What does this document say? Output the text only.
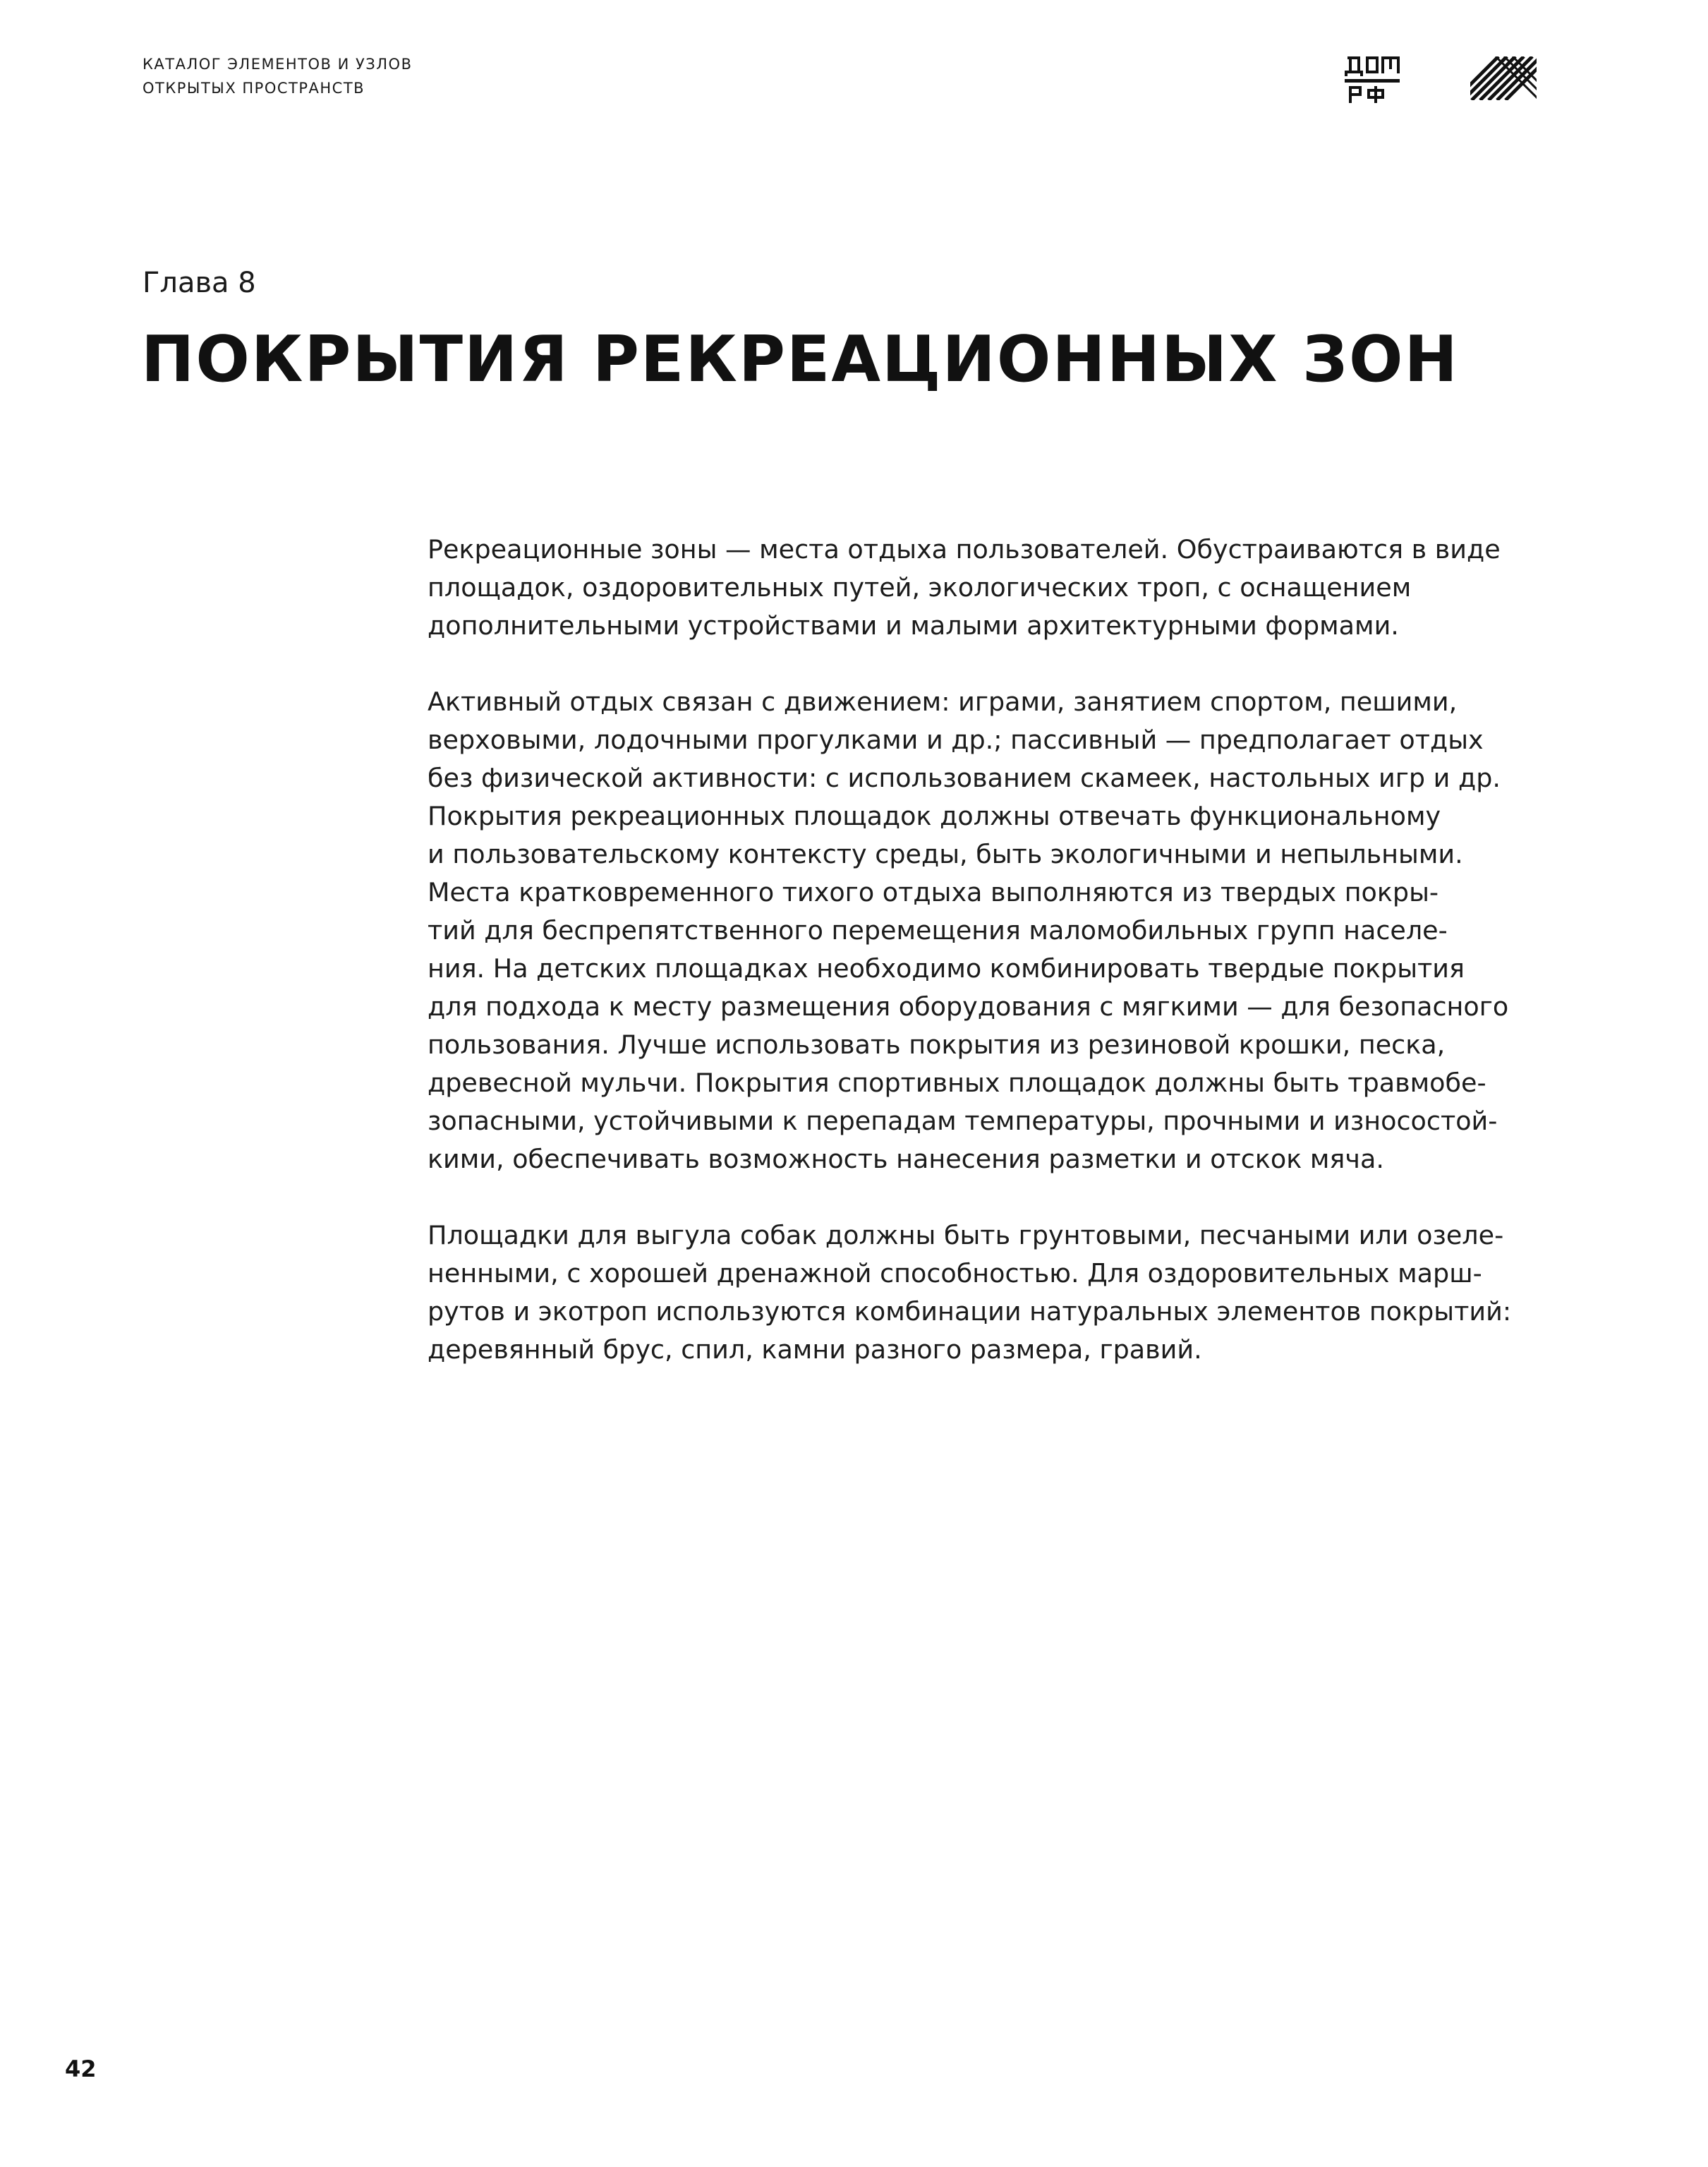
КАТАЛОГ ЭЛЕМЕНТОВ И УЗЛОВ
ОТКРЫТЫХ ПРОСТРАНСТВ
Глава 8
ПОКРЫТИЯ РЕКРЕАЦИОННЫХ ЗОН

Рекреационные зоны — места отдыха пользователей. Обустраиваются в виде
площадок, оздоровительных путей, экологических троп, с оснащением
дополнительными устройствами и малыми архитектурными формами.

Активный отдых связан с движением: играми, занятием спортом, пешими,
верховыми, лодочными прогулками и др.; пассивный — предполагает отдых
без физической активности: с использованием скамеек, настольных игр и др.
Покрытия рекреационных площадок должны отвечать функциональному
и пользовательскому контексту среды, быть экологичными и непыльными.
Места кратковременного тихого отдыха выполняются из твердых покры-
тий для беспрепятственного перемещения маломобильных групп населе-
ния. На детских площадках необходимо комбинировать твердые покрытия
для подхода к месту размещения оборудования с мягкими — для безопасного
пользования. Лучше использовать покрытия из резиновой крошки, песка,
древесной мульчи. Покрытия спортивных площадок должны быть травмобе-
зопасными, устойчивыми к перепадам температуры, прочными и износостой-
кими, обеспечивать возможность нанесения разметки и отскок мяча.

Площадки для выгула собак должны быть грунтовыми, песчаными или озеле-
ненными, с хорошей дренажной способностью. Для оздоровительных марш-
рутов и экотроп используются комбинации натуральных элементов покрытий:
деревянный брус, спил, камни разного размера, гравий.

42
